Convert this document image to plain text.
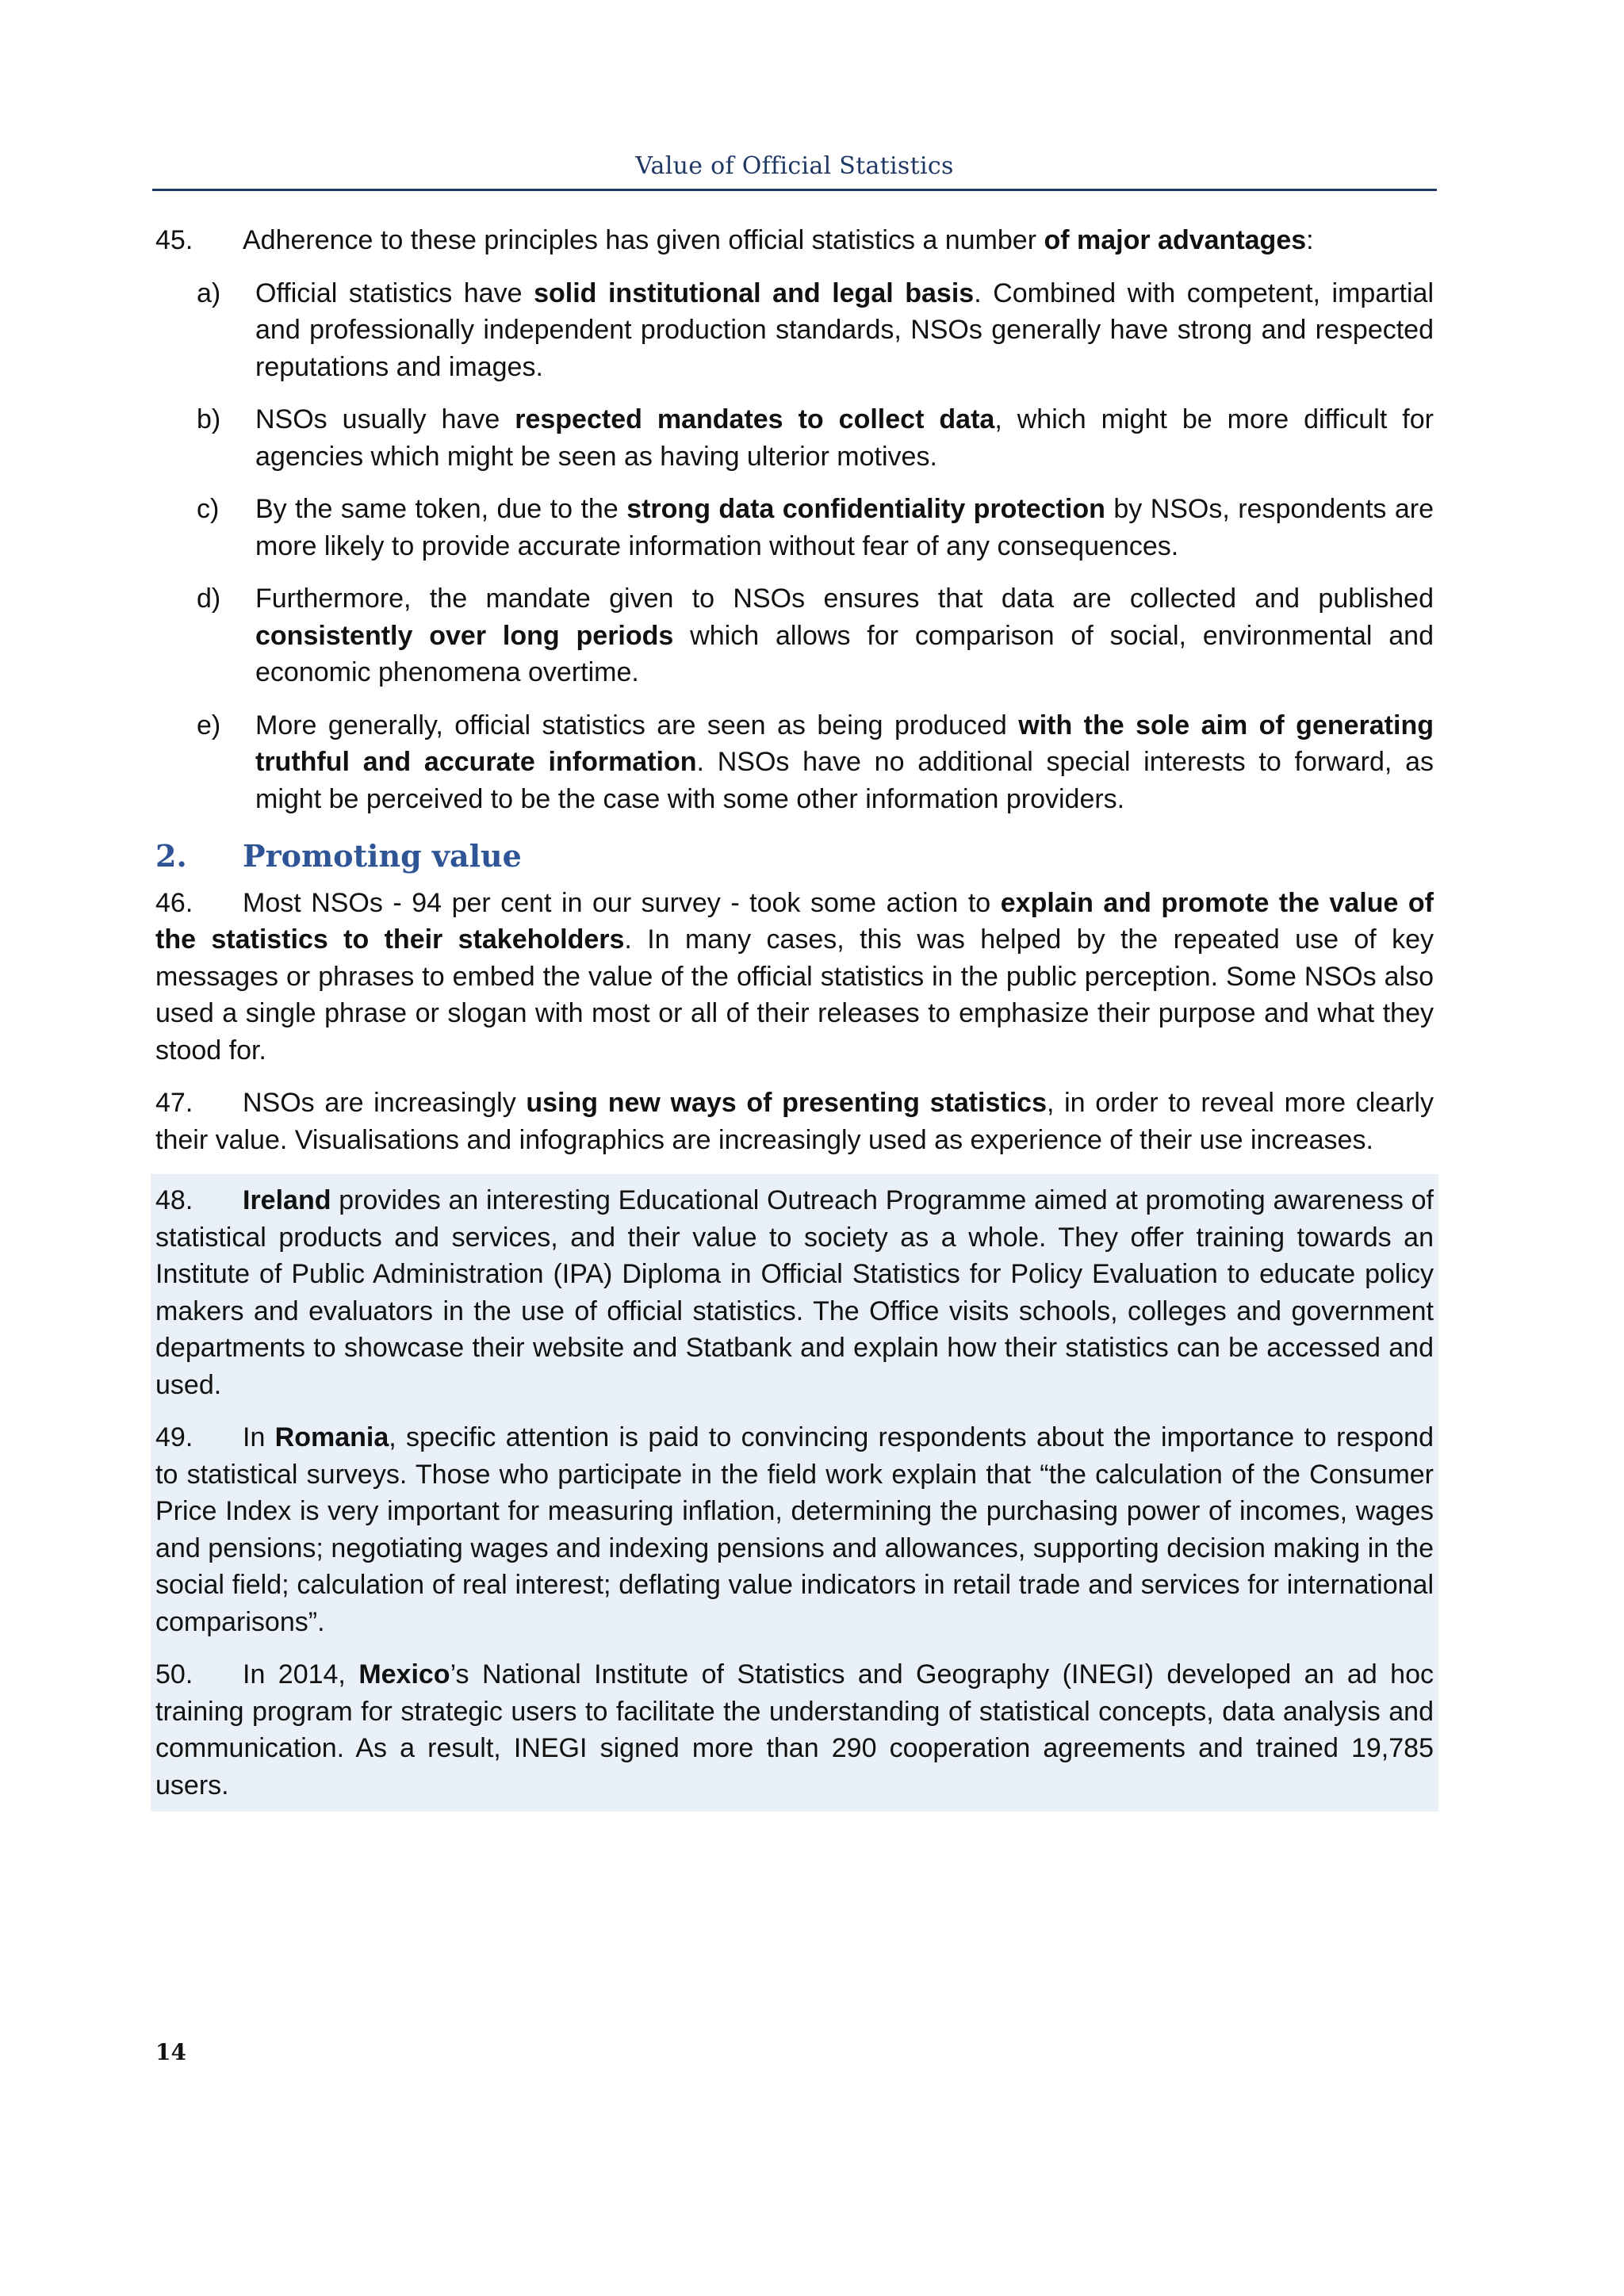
Value of Official Statistics

45. Adherence to these principles has given official statistics a number of major advantages:

a) Official statistics have solid institutional and legal basis. Combined with competent, impartial and professionally independent production standards, NSOs generally have strong and respected reputations and images.

b) NSOs usually have respected mandates to collect data, which might be more difficult for agencies which might be seen as having ulterior motives.

c) By the same token, due to the strong data confidentiality protection by NSOs, respondents are more likely to provide accurate information without fear of any consequences.

d) Furthermore, the mandate given to NSOs ensures that data are collected and published consistently over long periods which allows for comparison of social, environmental and economic phenomena overtime.

e) More generally, official statistics are seen as being produced with the sole aim of generating truthful and accurate information. NSOs have no additional special interests to forward, as might be perceived to be the case with some other information providers.

2. Promoting value

46. Most NSOs - 94 per cent in our survey - took some action to explain and promote the value of the statistics to their stakeholders. In many cases, this was helped by the repeated use of key messages or phrases to embed the value of the official statistics in the public perception. Some NSOs also used a single phrase or slogan with most or all of their releases to emphasize their purpose and what they stood for.

47. NSOs are increasingly using new ways of presenting statistics, in order to reveal more clearly their value. Visualisations and infographics are increasingly used as experience of their use increases.

48. Ireland provides an interesting Educational Outreach Programme aimed at promoting awareness of statistical products and services, and their value to society as a whole. They offer training towards an Institute of Public Administration (IPA) Diploma in Official Statistics for Policy Evaluation to educate policy makers and evaluators in the use of official statistics. The Office visits schools, colleges and government departments to showcase their website and Statbank and explain how their statistics can be accessed and used.

49. In Romania, specific attention is paid to convincing respondents about the importance to respond to statistical surveys. Those who participate in the field work explain that “the calculation of the Consumer Price Index is very important for measuring inflation, determining the purchasing power of incomes, wages and pensions; negotiating wages and indexing pensions and allowances, supporting decision making in the social field; calculation of real interest; deflating value indicators in retail trade and services for international comparisons”.

50. In 2014, Mexico’s National Institute of Statistics and Geography (INEGI) developed an ad hoc training program for strategic users to facilitate the understanding of statistical concepts, data analysis and communication. As a result, INEGI signed more than 290 cooperation agreements and trained 19,785 users.

14
